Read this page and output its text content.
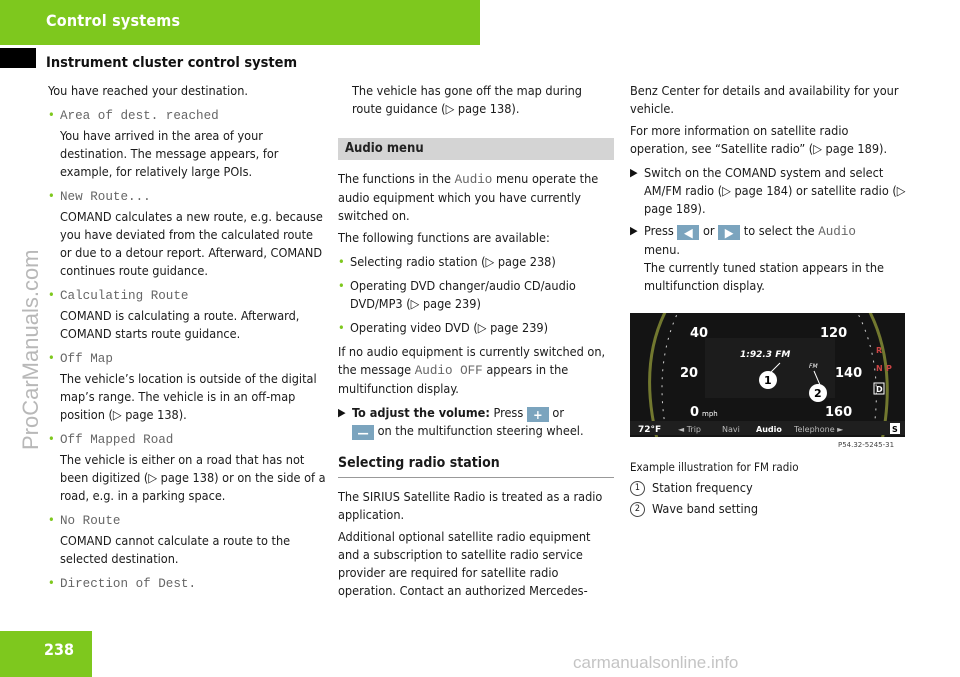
Control systems
Instrument cluster control system
ProCarManuals.com

You have reached your destination.

• Area of dest. reached
You have arrived in the area of your destination. The message appears, for example, for relatively large POIs.
• New Route...
COMAND calculates a new route, e.g. because you have deviated from the calculated route or due to a detour report. Afterward, COMAND continues route guidance.
• Calculating Route
COMAND is calculating a route. Afterward, COMAND starts route guidance.
• Off Map
The vehicle’s location is outside of the digital map’s range. The vehicle is in an off-map position (▷ page 138).
• Off Mapped Road
The vehicle is either on a road that has not been digitized (▷ page 138) or on the side of a road, e.g. in a parking space.
• No Route
COMAND cannot calculate a route to the selected destination.
• Direction of Dest.

The vehicle has gone off the map during route guidance (▷ page 138).

Audio menu

The functions in the Audio menu operate the audio equipment which you have currently switched on.

The following functions are available:

• Selecting radio station (▷ page 238)
• Operating DVD changer/audio CD/audio DVD/MP3 (▷ page 239)
• Operating video DVD (▷ page 239)

If no audio equipment is currently switched on, the message Audio OFF appears in the multifunction display.

▶ To adjust the volume: Press + or
— on the multifunction steering wheel.
Selecting radio station

The SIRIUS Satellite Radio is treated as a radio application.

Additional optional satellite radio equipment and a subscription to satellite radio service provider are required for satellite radio operation. Contact an authorized Mercedes-

Benz Center for details and availability for your vehicle.

For more information on satellite radio operation, see “Satellite radio” (▷ page 189).

▶ Switch on the COMAND system and select AM/FM radio (▷ page 184) or satellite radio (▷ page 189).
▶ Press ◀ or ▶ to select the Audio
menu.
The currently tuned station appears in the multifunction display.
40
20
0 mph
120
140
160
1:92.3 FM
FM
1
2
R
N P
D
72°F ◄ Trip	Navi Audio Telephone ►	S
P54.32-5245-31

Example illustration for FM radio

1 Station frequency
2 Wave band setting
238
carmanualsonline.info
